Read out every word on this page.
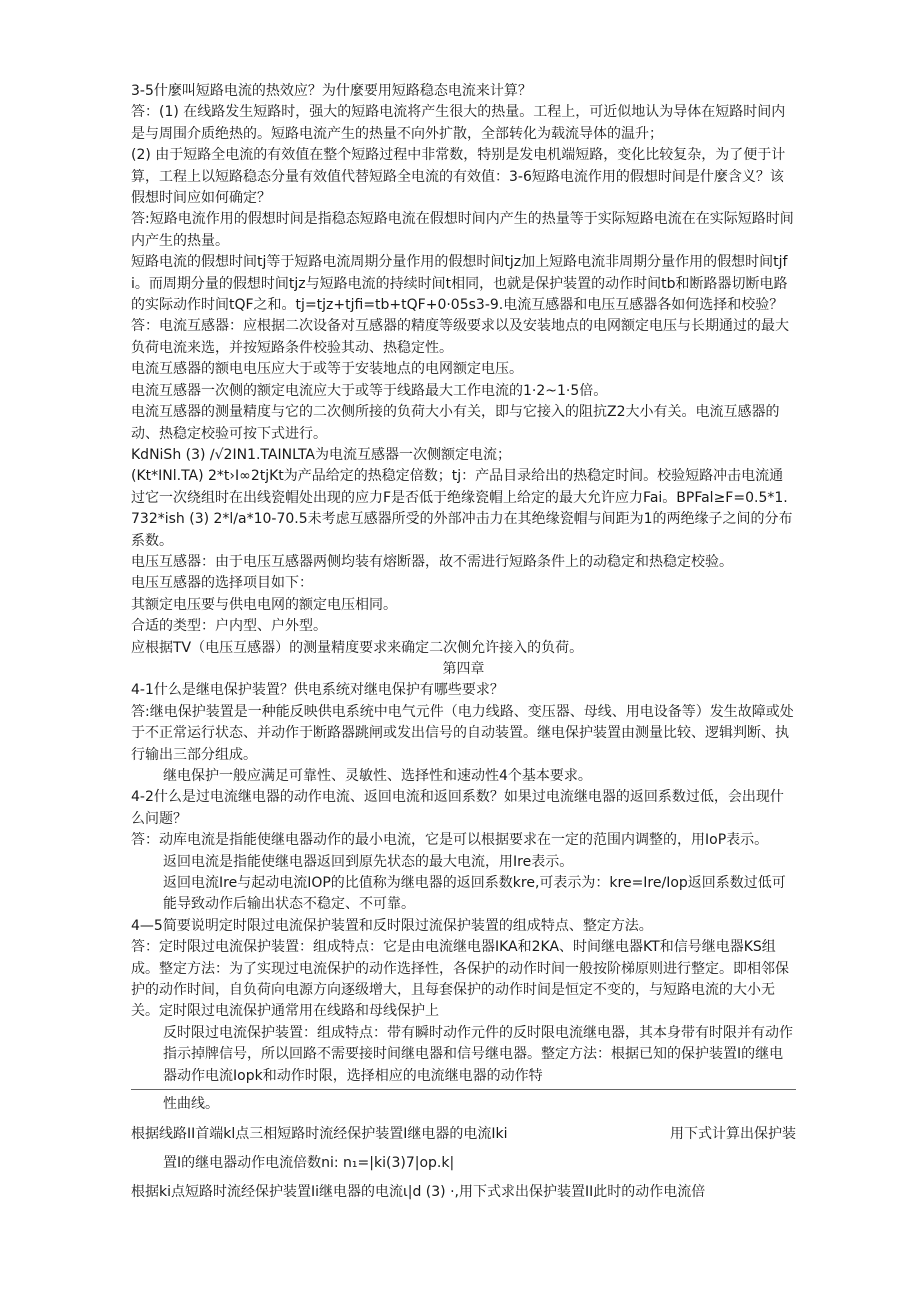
3-5什麼叫短路电流的热效应？为什麼要用短路稳态电流来计算？

答：(1) 在线路发生短路时，强大的短路电流将产生很大的热量。工程上，可近似地认为导体在短路时间内是与周围介质绝热的。短路电流产生的热量不向外扩散，全部转化为载流导体的温升；

(2) 由于短路全电流的有效值在整个短路过程中非常数，特别是发电机端短路，变化比较复杂，为了便于计算，工程上以短路稳态分量有效值代替短路全电流的有效值：3-6短路电流作用的假想时间是什麼含义？该假想时间应如何确定？

答:短路电流作用的假想时间是指稳态短路电流在假想时间内产生的热量等于实际短路电流在在实际短路时间内产生的热量。

短路电流的假想时间tj等于短路电流周期分量作用的假想时间tjz加上短路电流非周期分量作用的假想时间tjfi。而周期分量的假想时间tjz与短路电流的持续时间t相同，也就是保护装置的动作时间tb和断路器切断电路的实际动作时间tQF之和。tj=tjz+tjfi=tb+tQF+0·05s3-9.电流互感器和电压互感器各如何选择和校验？

答：电流互感器：应根据二次设备对互感器的精度等级要求以及安装地点的电网额定电压与长期通过的最大负荷电流来选，并按短路条件校验其动、热稳定性。

电流互感器的额电电压应大于或等于安装地点的电网额定电压。

电流互感器一次侧的额定电流应大于或等于线路最大工作电流的1·2~1·5倍。

电流互感器的测量精度与它的二次侧所接的负荷大小有关，即与它接入的阻抗Z2大小有关。电流互感器的动、热稳定校验可按下式进行。

KdNiSh (3) ∕√2IN1.TAINLTA为电流互感器一次侧额定电流；

(Kt*INl.TA) 2*t›I∞2tjKt为产品给定的热稳定倍数；tj：产品目录给出的热稳定时间。校验短路冲击电流通过它一次绕组时在出线瓷帽处出现的应力F是否低于绝缘瓷帽上给定的最大允许应力Fai。BPFal≥F=0.5*1.732*ish (3) 2*l∕a*10-70.5未考虑互感器所受的外部冲击力在其绝缘瓷帽与间距为1的两绝缘子之间的分布系数。

电压互感器：由于电压互感器两侧均装有熔断器，故不需进行短路条件上的动稳定和热稳定校验。

电压互感器的选择项目如下：

其额定电压要与供电电网的额定电压相同。

合适的类型：户内型、户外型。

应根据TV（电压互感器）的测量精度要求来确定二次侧允许接入的负荷。

第四章

4-1什么是继电保护装置？供电系统对继电保护有哪些要求？

答:继电保护装置是一种能反映供电系统中电气元件（电力线路、变压器、母线、用电设备等）发生故障或处于不正常运行状态、并动作于断路器跳闸或发出信号的自动装置。继电保护装置由测量比较、逻辑判断、执行输出三部分组成。

继电保护一般应满足可靠性、灵敏性、选择性和速动性4个基本要求。

4-2什么是过电流继电器的动作电流、返回电流和返回系数？如果过电流继电器的返回系数过低，会出现什么问题？

答：动库电流是指能使继电器动作的最小电流，它是可以根据要求在一定的范围内调整的，用IoP表示。

返回电流是指能使继电器返回到原先状态的最大电流，用Ire表示。

返回电流Ire与起动电流IOP的比值称为继电器的返回系数kre,可表示为：kre=Ire∕Iop返回系数过低可能导致动作后输出状态不稳定、不可靠。

4—5简要说明定时限过电流保护装置和反时限过流保护装置的组成特点、整定方法。

答：定时限过电流保护装置：组成特点：它是由电流继电器IKA和2KA、时间继电器KT和信号继电器KS组成。整定方法：为了实现过电流保护的动作选择性，各保护的动作时间一般按阶梯原则进行整定。即相邻保护的动作时间，自负荷向电源方向逐级增大，且每套保护的动作时间是恒定不变的，与短路电流的大小无关。定时限过电流保护通常用在线路和母线保护上

反时限过电流保护装置：组成特点：带有瞬时动作元件的反时限电流继电器，其本身带有时限并有动作指示掉牌信号，所以回路不需要接时间继电器和信号继电器。整定方法：根据已知的保护装置I的继电器动作电流Iopk和动作时限，选择相应的电流继电器的动作特

性曲线。

根据线路II首端kl点三相短路时流经保护装置I继电器的电流Iki	用下式计算出保护装

置I的继电器动作电流倍数ni: n₁=|ki(3)7|op.k|

根据ki点短路时流经保护装置Ii继电器的电流ι|d (3) ·,用下式求出保护装置II此时的动作电流倍
